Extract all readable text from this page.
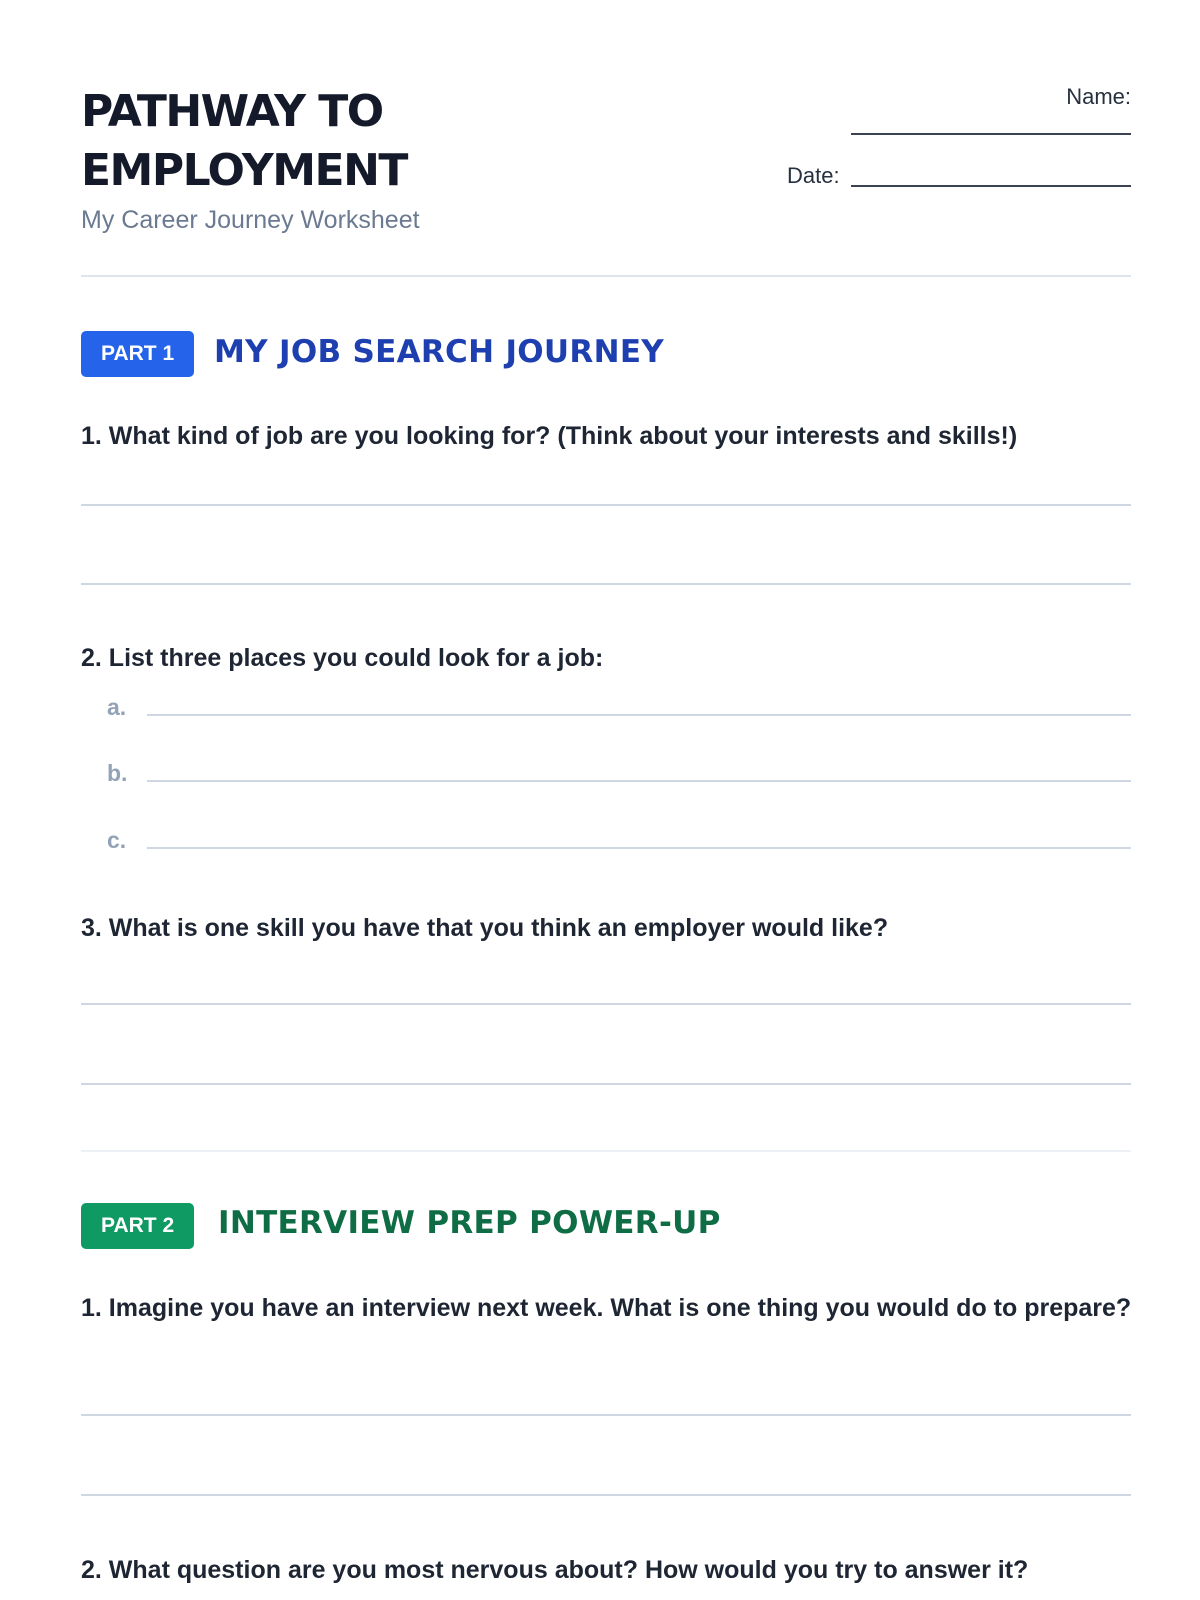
PATHWAY TO EMPLOYMENT
My Career Journey Worksheet
Name:
Date:
PART 1	MY JOB SEARCH JOURNEY

1. What kind of job are you looking for? (Think about your interests and skills!)

2. List three places you could look for a job:

a.
b.
c.

3. What is one skill you have that you think an employer would like?

PART 2	INTERVIEW PREP POWER-UP

1. Imagine you have an interview next week. What is one thing you would do to prepare?

2. What question are you most nervous about? How would you try to answer it?
